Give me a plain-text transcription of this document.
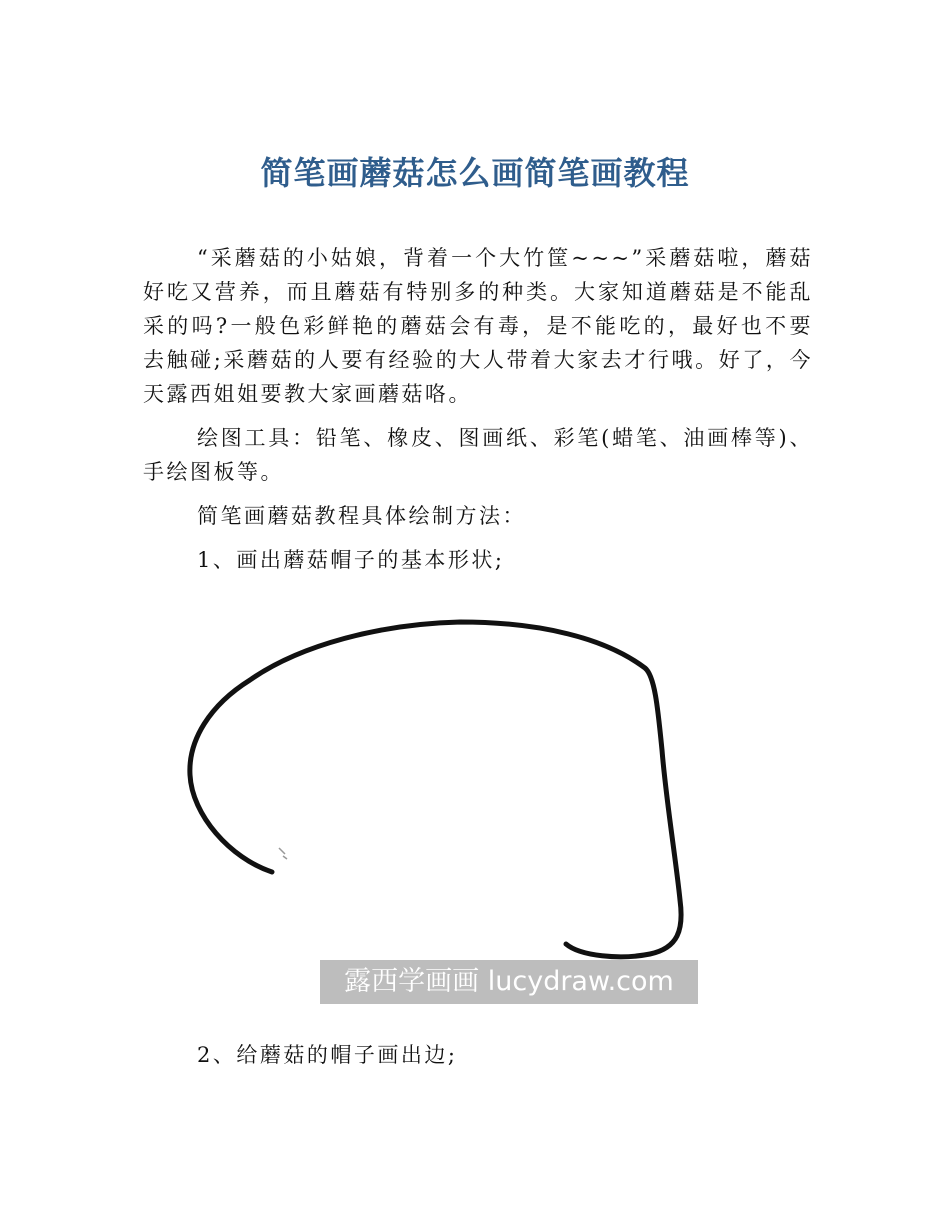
简笔画蘑菇怎么画简笔画教程

“采蘑菇的小姑娘，背着一个大竹筐~~~”采蘑菇啦，蘑菇好吃又营养，而且蘑菇有特别多的种类。大家知道蘑菇是不能乱采的吗?一般色彩鲜艳的蘑菇会有毒，是不能吃的，最好也不要去触碰;采蘑菇的人要有经验的大人带着大家去才行哦。好了，今天露西姐姐要教大家画蘑菇咯。

绘图工具：铅笔、橡皮、图画纸、彩笔(蜡笔、油画棒等)、手绘图板等。

简笔画蘑菇教程具体绘制方法：

1、画出蘑菇帽子的基本形状;

露西学画画 lucydraw.com

2、给蘑菇的帽子画出边;
